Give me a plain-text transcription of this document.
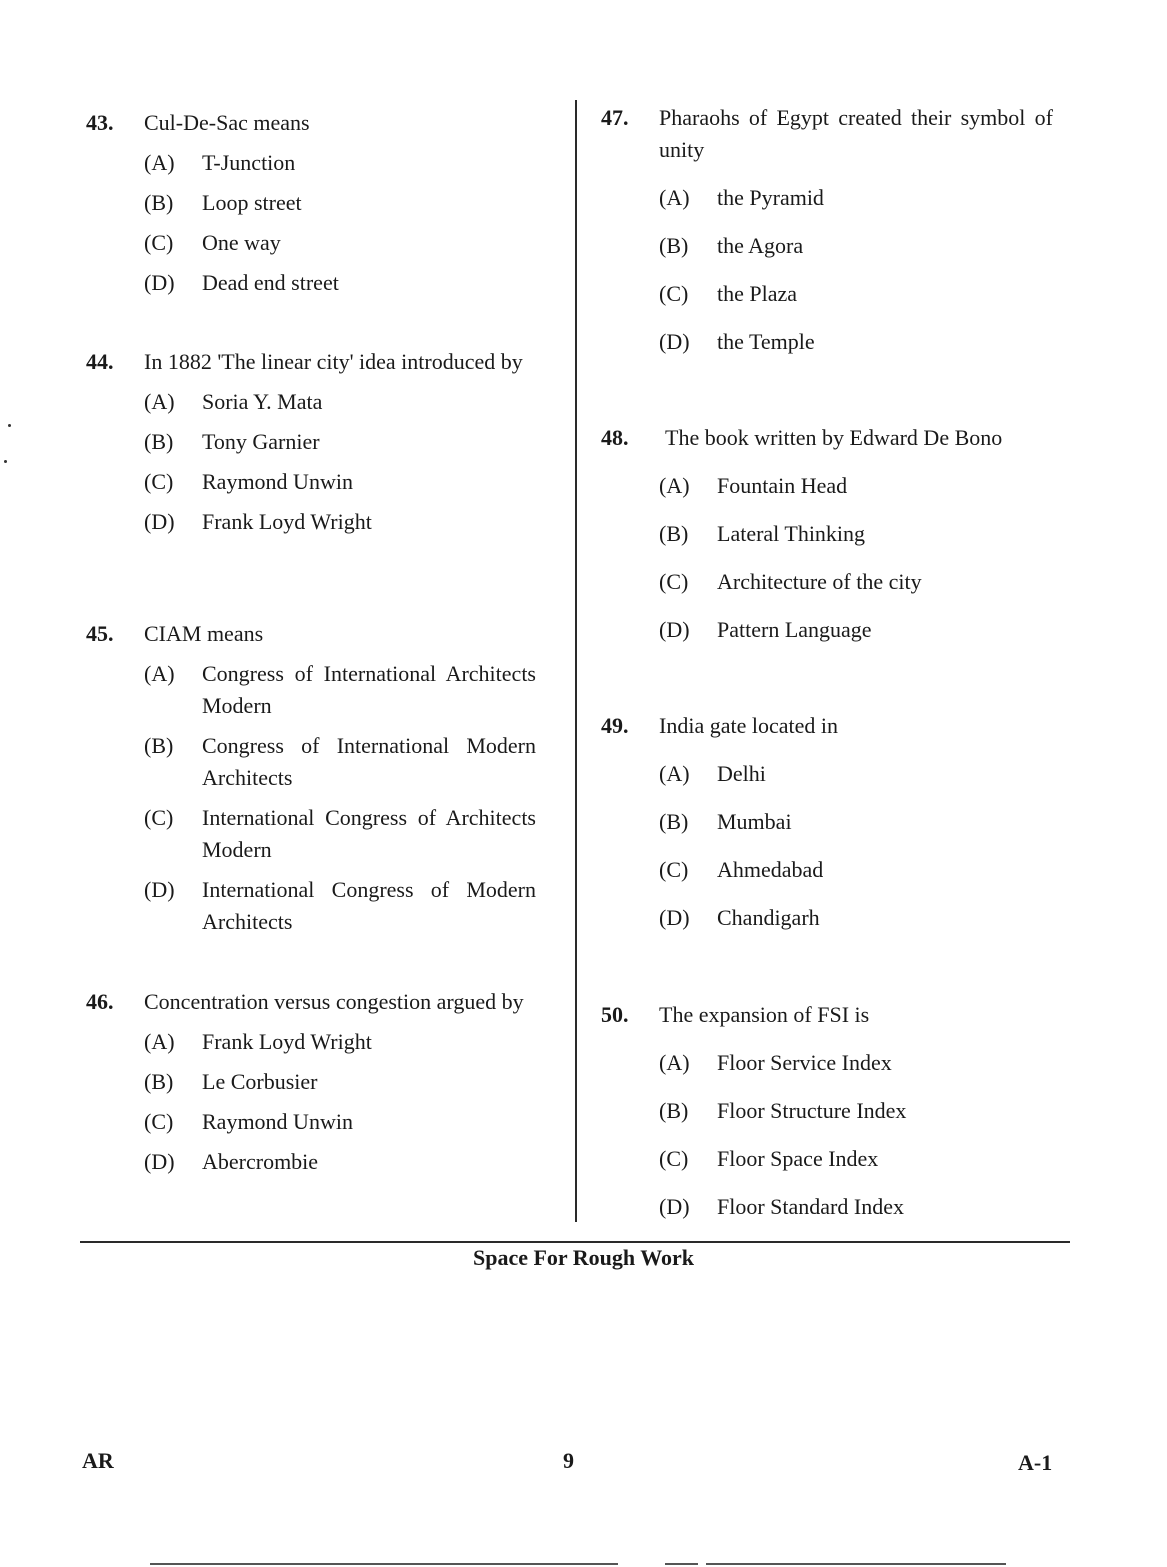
43.	Cul-De-Sac means
(A)	T-Junction
(B)	Loop street
(C)	One way
(D)	Dead end street
44.	In 1882 'The linear city' idea introduced by
(A)	Soria Y. Mata
(B)	Tony Garnier
(C)	Raymond Unwin
(D)	Frank Loyd Wright
45.	CIAM means
(A)	Congress of International Architects Modern
(B)	Congress of International Modern Architects
(C)	International Congress of Architects Modern
(D)	International Congress of Modern Architects
46.	Concentration versus congestion argued by
(A)	Frank Loyd Wright
(B)	Le Corbusier
(C)	Raymond Unwin
(D)	Abercrombie
47.	Pharaohs of Egypt created their symbol of unity
(A)	the Pyramid
(B)	the Agora
(C)	the Plaza
(D)	the Temple
48.	The book written by Edward De Bono
(A)	Fountain Head
(B)	Lateral Thinking
(C)	Architecture of the city
(D)	Pattern Language
49.	India gate located in
(A)	Delhi
(B)	Mumbai
(C)	Ahmedabad
(D)	Chandigarh
50.	The expansion of FSI is
(A)	Floor Service Index
(B)	Floor Structure Index
(C)	Floor Space Index
(D)	Floor Standard Index
Space For Rough Work
AR	9	A-1
